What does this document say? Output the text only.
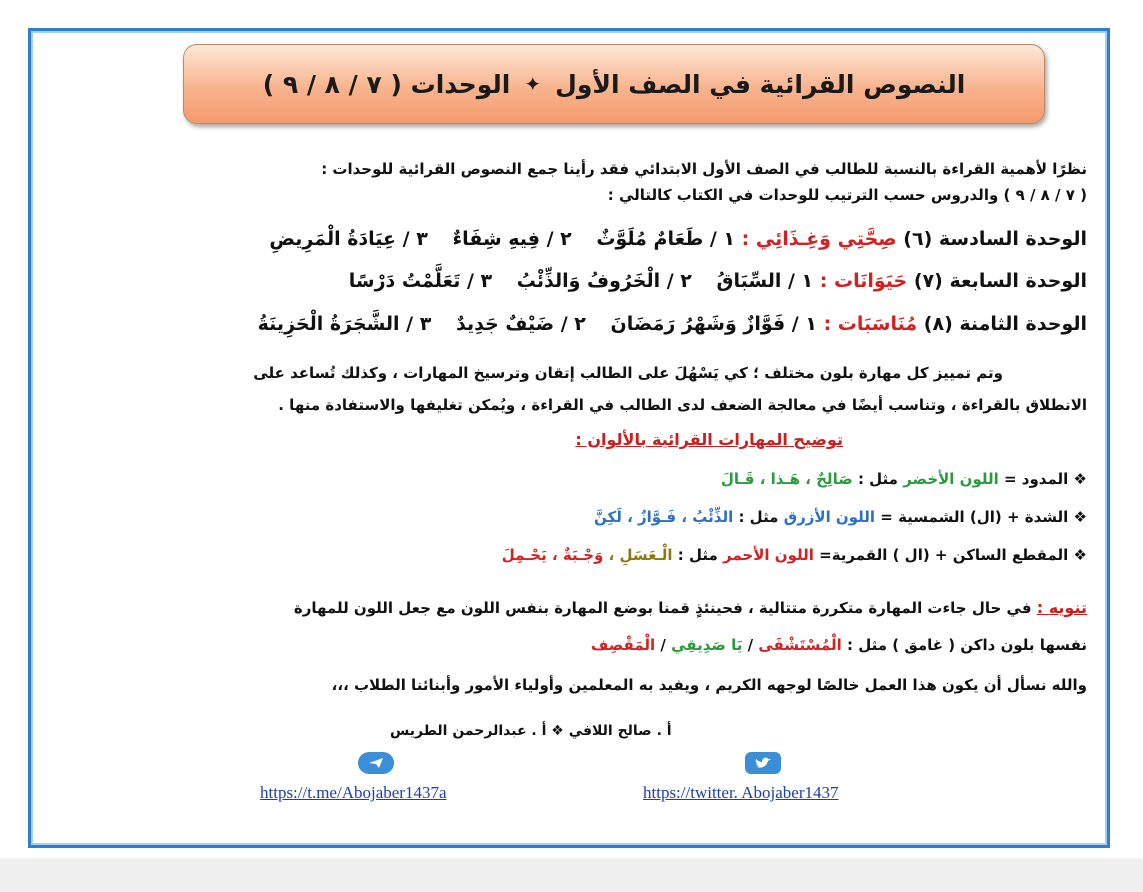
النصوص القرائية في الصف الأول
✦
الوحدات ( ٧ / ٨ / ٩ )
نظرًا لأهمية القراءة بالنسبة للطالب في الصف الأول الابتدائي فقد رأينا جمع النصوص القرائية للوحدات :
( ٧ / ٨ / ٩ ) والدروس حسب الترتيب للوحدات في الكتاب كالتالي :
الوحدة السادسة (٦) صِحَّتِي وَغِـذَائِي : ١ / طَعَامٌ مُلَوَّثٌ ٢ / فِيهِ شِفَاءٌ ٣ / عِيَادَةُ الْمَرِيضِ
الوحدة السابعة (٧) حَيَوَانَات : ١ / السِّبَاقُ ٢ / الْخَرُوفُ وَالذِّئْبُ ٣ / تَعَلَّمْتُ دَرْسًا
الوحدة الثامنة (٨) مُنَاسَبَات : ١ / فَوَّازٌ وَشَهْرُ رَمَضَانَ ٢ / ضَيْفٌ جَدِيدٌ ٣ / الشَّجَرَةُ الْحَزِينَةُ
وتم تمييز كل مهارة بلون مختلف ؛ كي يَسْهُلَ على الطالب إتقان وترسيخ المهارات ، وكذلك تُساعد على
الانطلاق بالقراءة ، وتناسب أيضًا في معالجة الضعف لدى الطالب في القراءة ، ويُمكن تغليفها والاستفادة منها .
توضيح المهارات القرائية بالألوان :
❖ المدود = اللون الأخضر مثل : صَالِحٌ ، هَـذا ، قَـالَ
❖ الشدة + (ال) الشمسية = اللون الأزرق مثل : الذِّئْبُ ، فَـوَّازٌ ، لَكِنَّ
❖ المقطع الساكن + (ال ) القمرية= اللون الأحمر مثل : الْـعَسَلِ ، وَجْـبَةٌ ، يَحْـمِلَ
تنويه : في حال جاءت المهارة متكررة متتالية ، فحينئذٍ قمنا بوضع المهارة بنفس اللون مع جعل اللون للمهارة
نفسها بلون داكن ( غامق ) مثل : الْمُسْتَشْفَى / يَا صَدِيقِي / الْمَقْصِف
والله نسأل أن يكون هذا العمل خالصًا لوجهه الكريم ، ويفيد به المعلمين وأولياء الأمور وأبنائنا الطلاب ،،،
أ . صالح اللافي ❖ أ . عبدالرحمن الطريس
https://t.me/Abojaber1437a	https://twitter. Abojaber1437
